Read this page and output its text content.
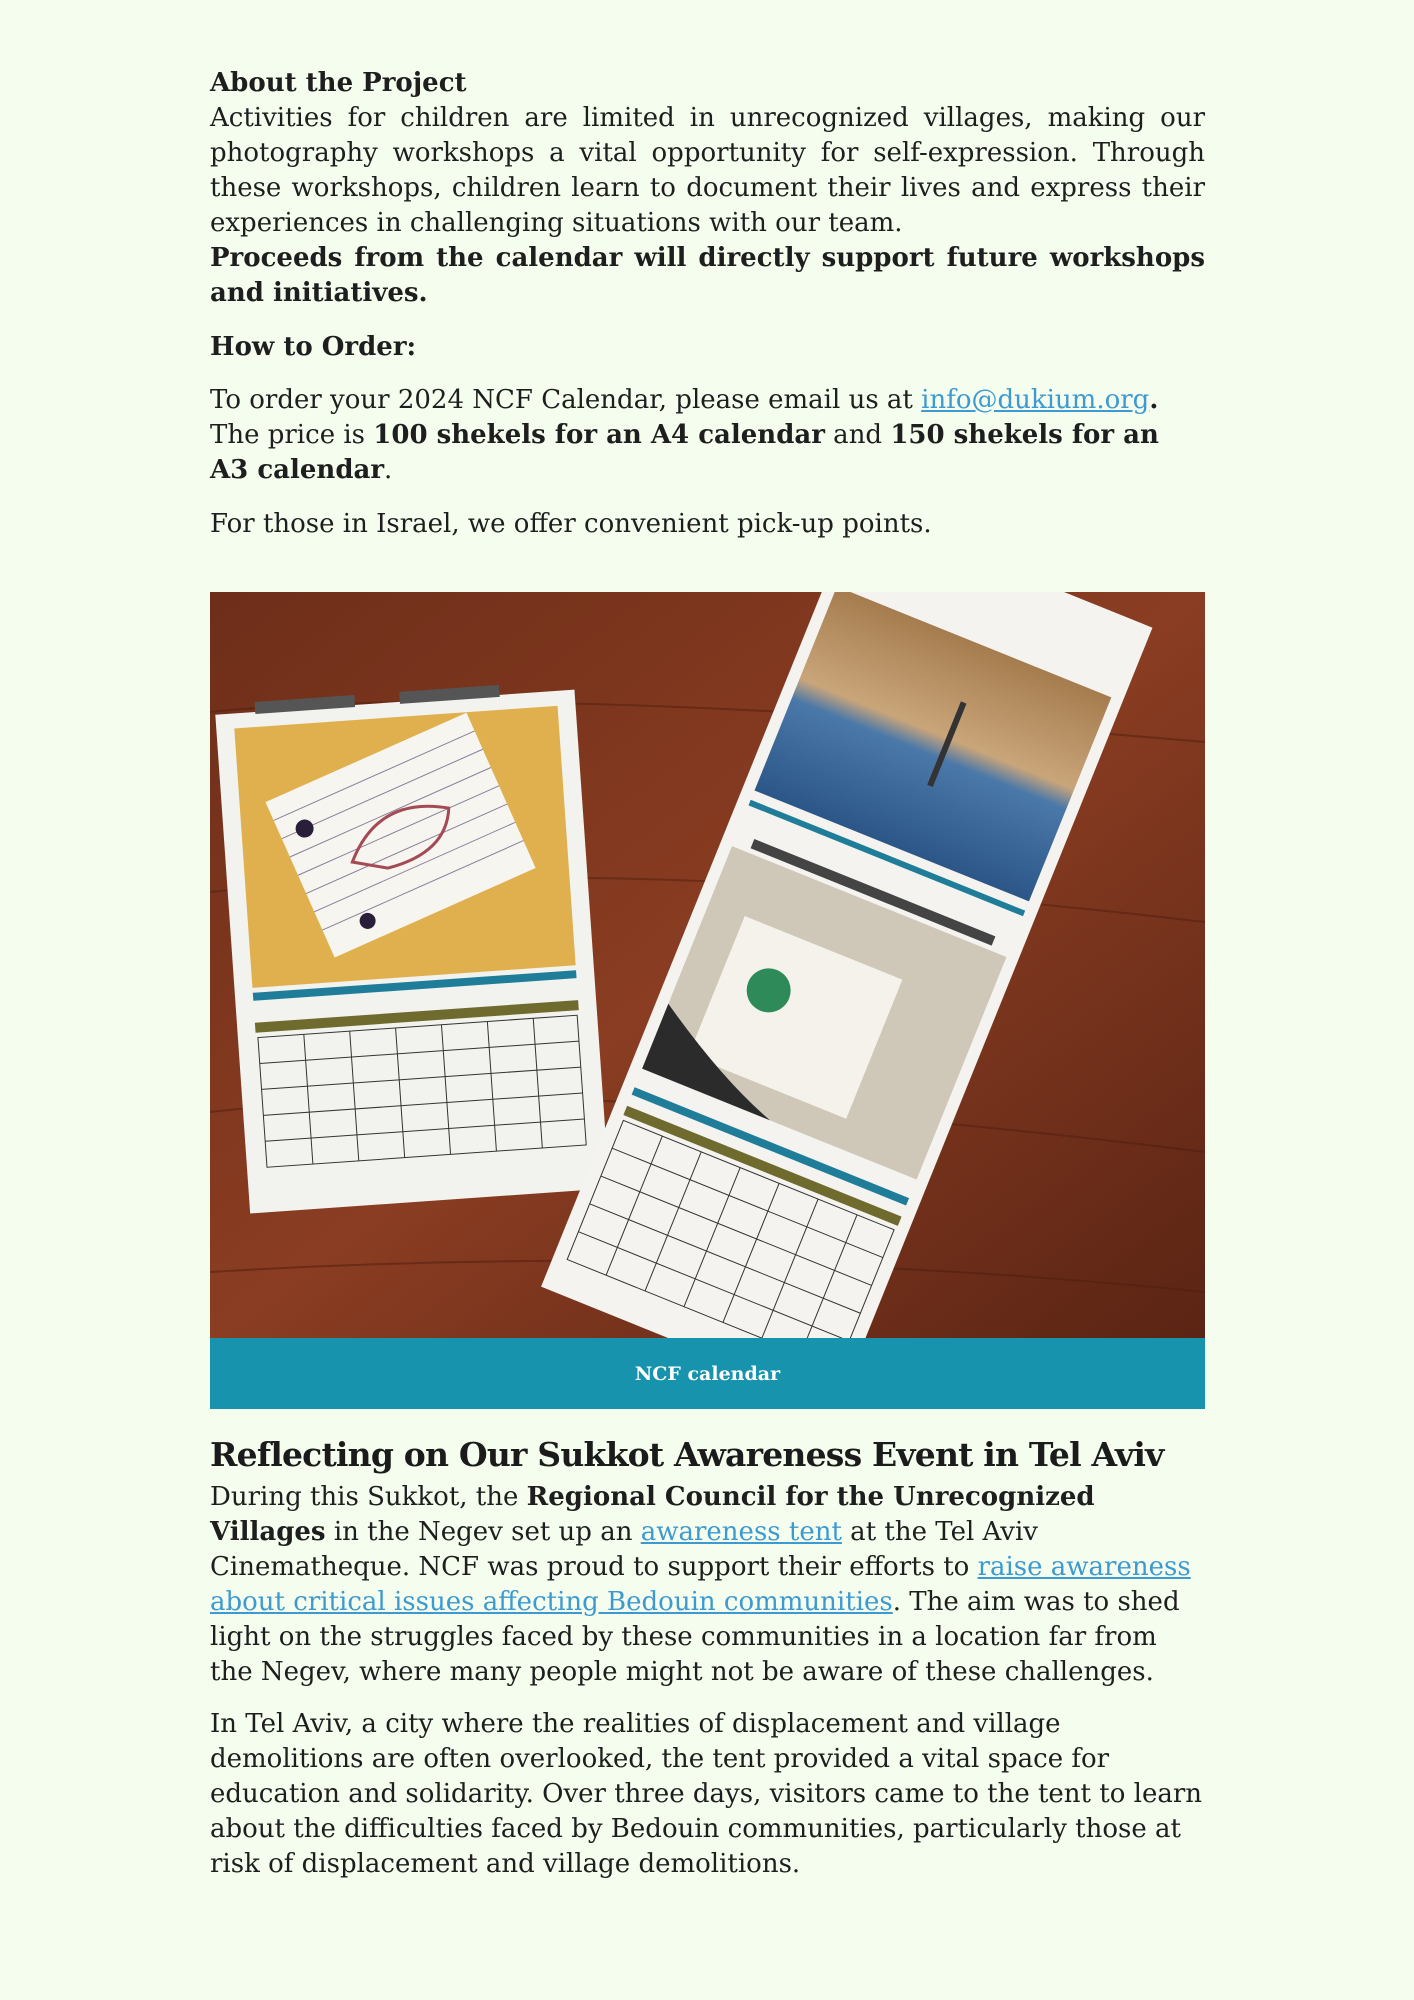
About the Project

Activities for children are limited in unrecognized villages, making our photography workshops a vital opportunity for self-expression. Through these workshops, children learn to document their lives and express their experiences in challenging situations with our team.

Proceeds from the calendar will directly support future workshops and initiatives.

How to Order:

To order your 2024 NCF Calendar, please email us at info@dukium.org.

The price is 100 shekels for an A4 calendar and 150 shekels for an A3 calendar.

For those in Israel, we offer convenient pick-up points.

NCF calendar
Reflecting on Our Sukkot Awareness Event in Tel Aviv

During this Sukkot, the Regional Council for the Unrecognized Villages in the Negev set up an awareness tent at the Tel Aviv Cinematheque. NCF was proud to support their efforts to raise awareness about critical issues affecting Bedouin communities. The aim was to shed light on the struggles faced by these communities in a location far from the Negev, where many people might not be aware of these challenges.

In Tel Aviv, a city where the realities of displacement and village demolitions are often overlooked, the tent provided a vital space for education and solidarity. Over three days, visitors came to the tent to learn about the difficulties faced by Bedouin communities, particularly those at risk of displacement and village demolitions.
